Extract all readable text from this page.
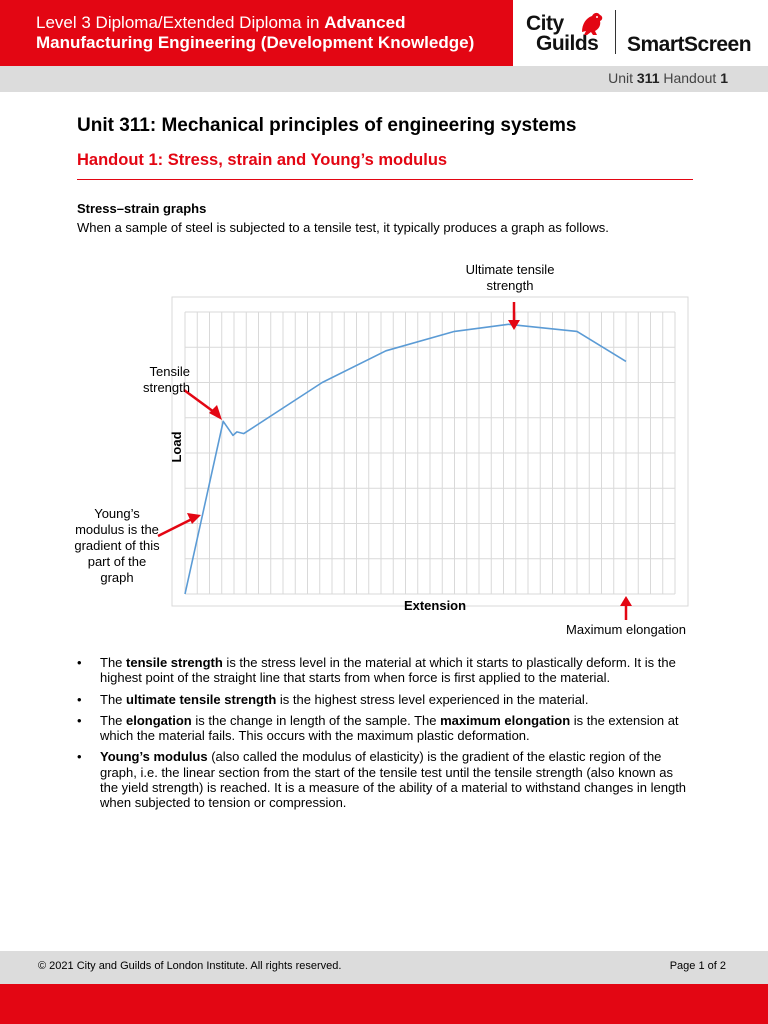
Level 3 Diploma/Extended Diploma in Advanced
Manufacturing Engineering (Development Knowledge)
City
Guilds SmartScreen
Unit 311 Handout 1
Unit 311: Mechanical principles of engineering systems
Handout 1: Stress, strain and Young’s modulus
Stress–strain graphs
When a sample of steel is subjected to a tensile test, it typically produces a graph as follows.
Extension
Load
Ultimate tensile strength
Tensile strength
Young’s modulus is the gradient of this part of the graph
Maximum elongation
• The tensile strength is the stress level in the material at which it starts to plastically deform. It is the highest point of the straight line that starts from when force is first applied to the material.
• The ultimate tensile strength is the highest stress level experienced in the material.
• The elongation is the change in length of the sample. The maximum elongation is the extension at which the material fails. This occurs with the maximum plastic deformation.
• Young’s modulus (also called the modulus of elasticity) is the gradient of the elastic region of the graph, i.e. the linear section from the start of the tensile test until the tensile strength (also known as the yield strength) is reached. It is a measure of the ability of a material to withstand changes in length when subjected to tension or compression.
© 2021 City and Guilds of London Institute. All rights reserved.	Page 1 of 2
